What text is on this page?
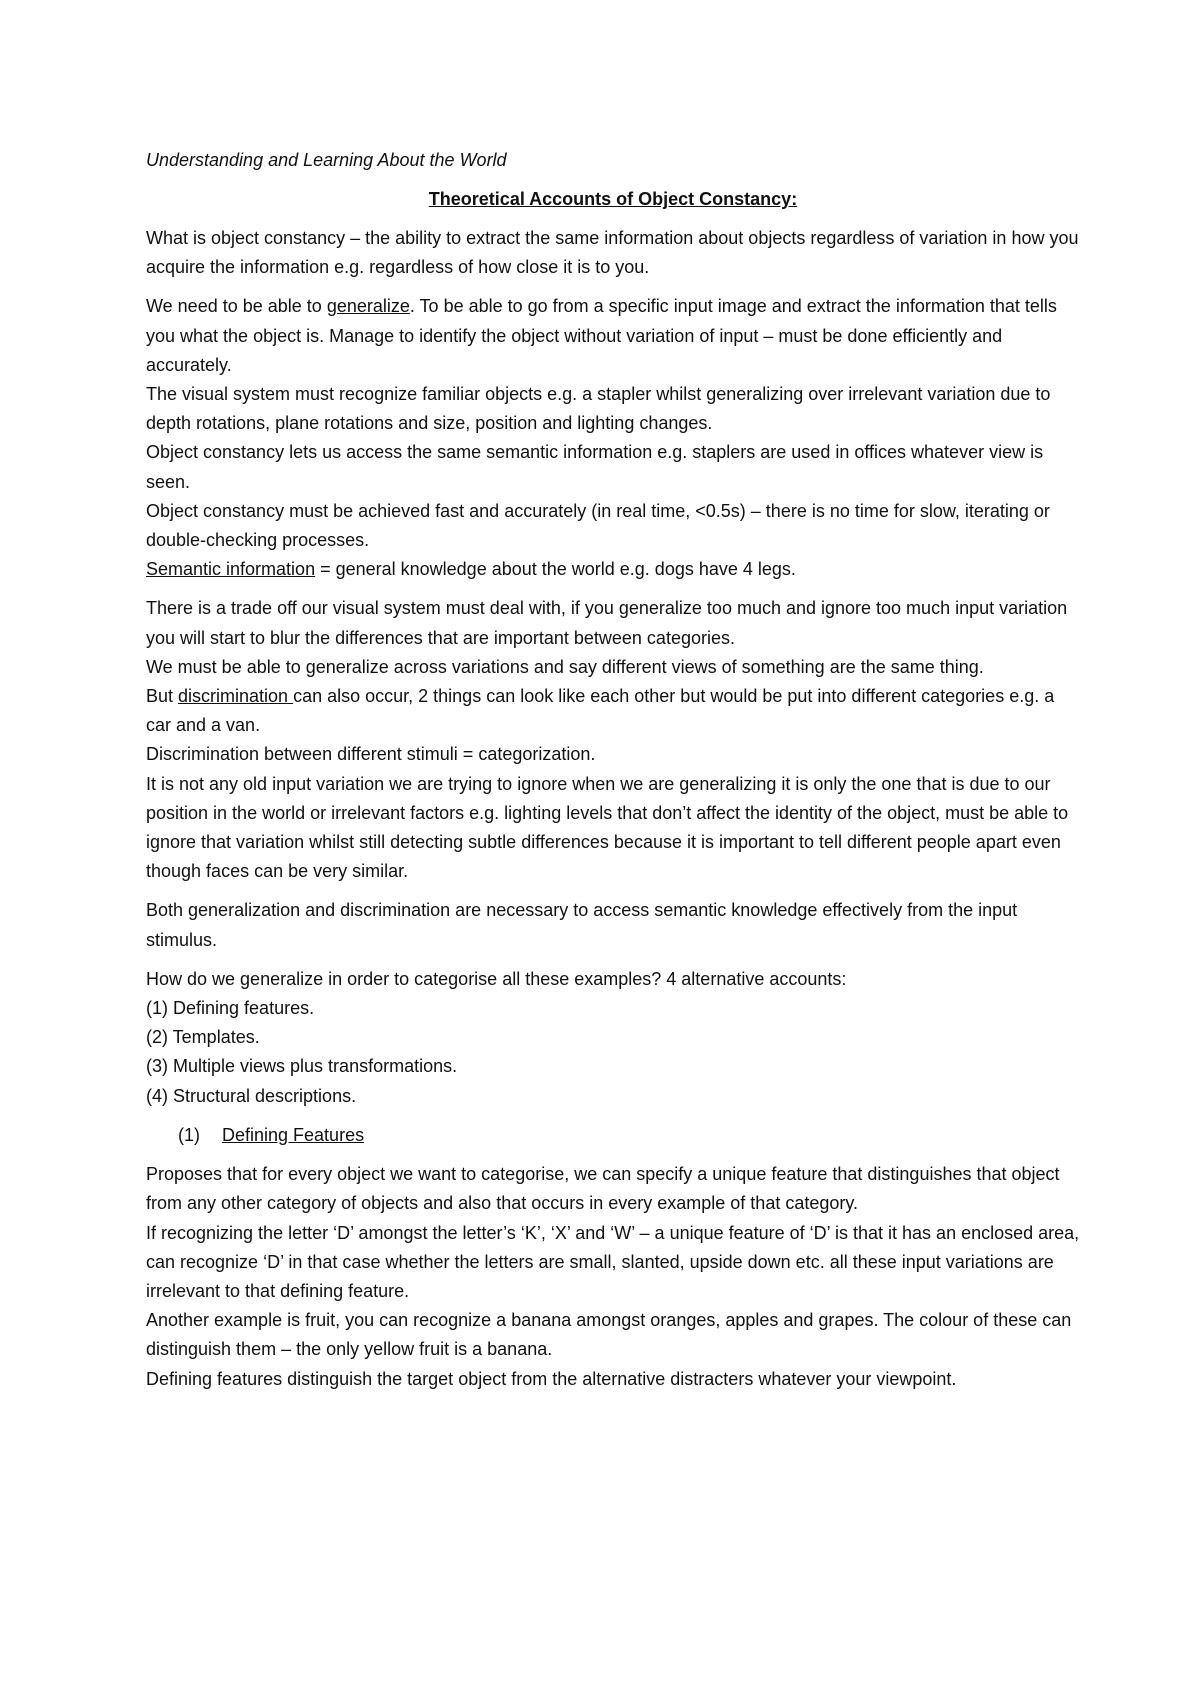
Understanding and Learning About the World

Theoretical Accounts of Object Constancy:

What is object constancy – the ability to extract the same information about objects regardless of variation in how you acquire the information e.g. regardless of how close it is to you.

We need to be able to generalize. To be able to go from a specific input image and extract the information that tells you what the object is. Manage to identify the object without variation of input – must be done efficiently and accurately.

The visual system must recognize familiar objects e.g. a stapler whilst generalizing over irrelevant variation due to depth rotations, plane rotations and size, position and lighting changes.

Object constancy lets us access the same semantic information e.g. staplers are used in offices whatever view is seen.

Object constancy must be achieved fast and accurately (in real time, <0.5s) – there is no time for slow, iterating or double-checking processes.

Semantic information = general knowledge about the world e.g. dogs have 4 legs.

There is a trade off our visual system must deal with, if you generalize too much and ignore too much input variation you will start to blur the differences that are important between categories.

We must be able to generalize across variations and say different views of something are the same thing.

But discrimination can also occur, 2 things can look like each other but would be put into different categories e.g. a car and a van.

Discrimination between different stimuli = categorization.

It is not any old input variation we are trying to ignore when we are generalizing it is only the one that is due to our position in the world or irrelevant factors e.g. lighting levels that don’t affect the identity of the object, must be able to ignore that variation whilst still detecting subtle differences because it is important to tell different people apart even though faces can be very similar.

Both generalization and discrimination are necessary to access semantic knowledge effectively from the input stimulus.

How do we generalize in order to categorise all these examples? 4 alternative accounts:

(1) Defining features.

(2) Templates.

(3) Multiple views plus transformations.

(4) Structural descriptions.

(1) Defining Features

Proposes that for every object we want to categorise, we can specify a unique feature that distinguishes that object from any other category of objects and also that occurs in every example of that category.

If recognizing the letter ‘D’ amongst the letter’s ‘K’, ‘X’ and ‘W’ – a unique feature of ‘D’ is that it has an enclosed area, can recognize ‘D’ in that case whether the letters are small, slanted, upside down etc. all these input variations are irrelevant to that defining feature.

Another example is fruit, you can recognize a banana amongst oranges, apples and grapes. The colour of these can distinguish them – the only yellow fruit is a banana.

Defining features distinguish the target object from the alternative distracters whatever your viewpoint.
